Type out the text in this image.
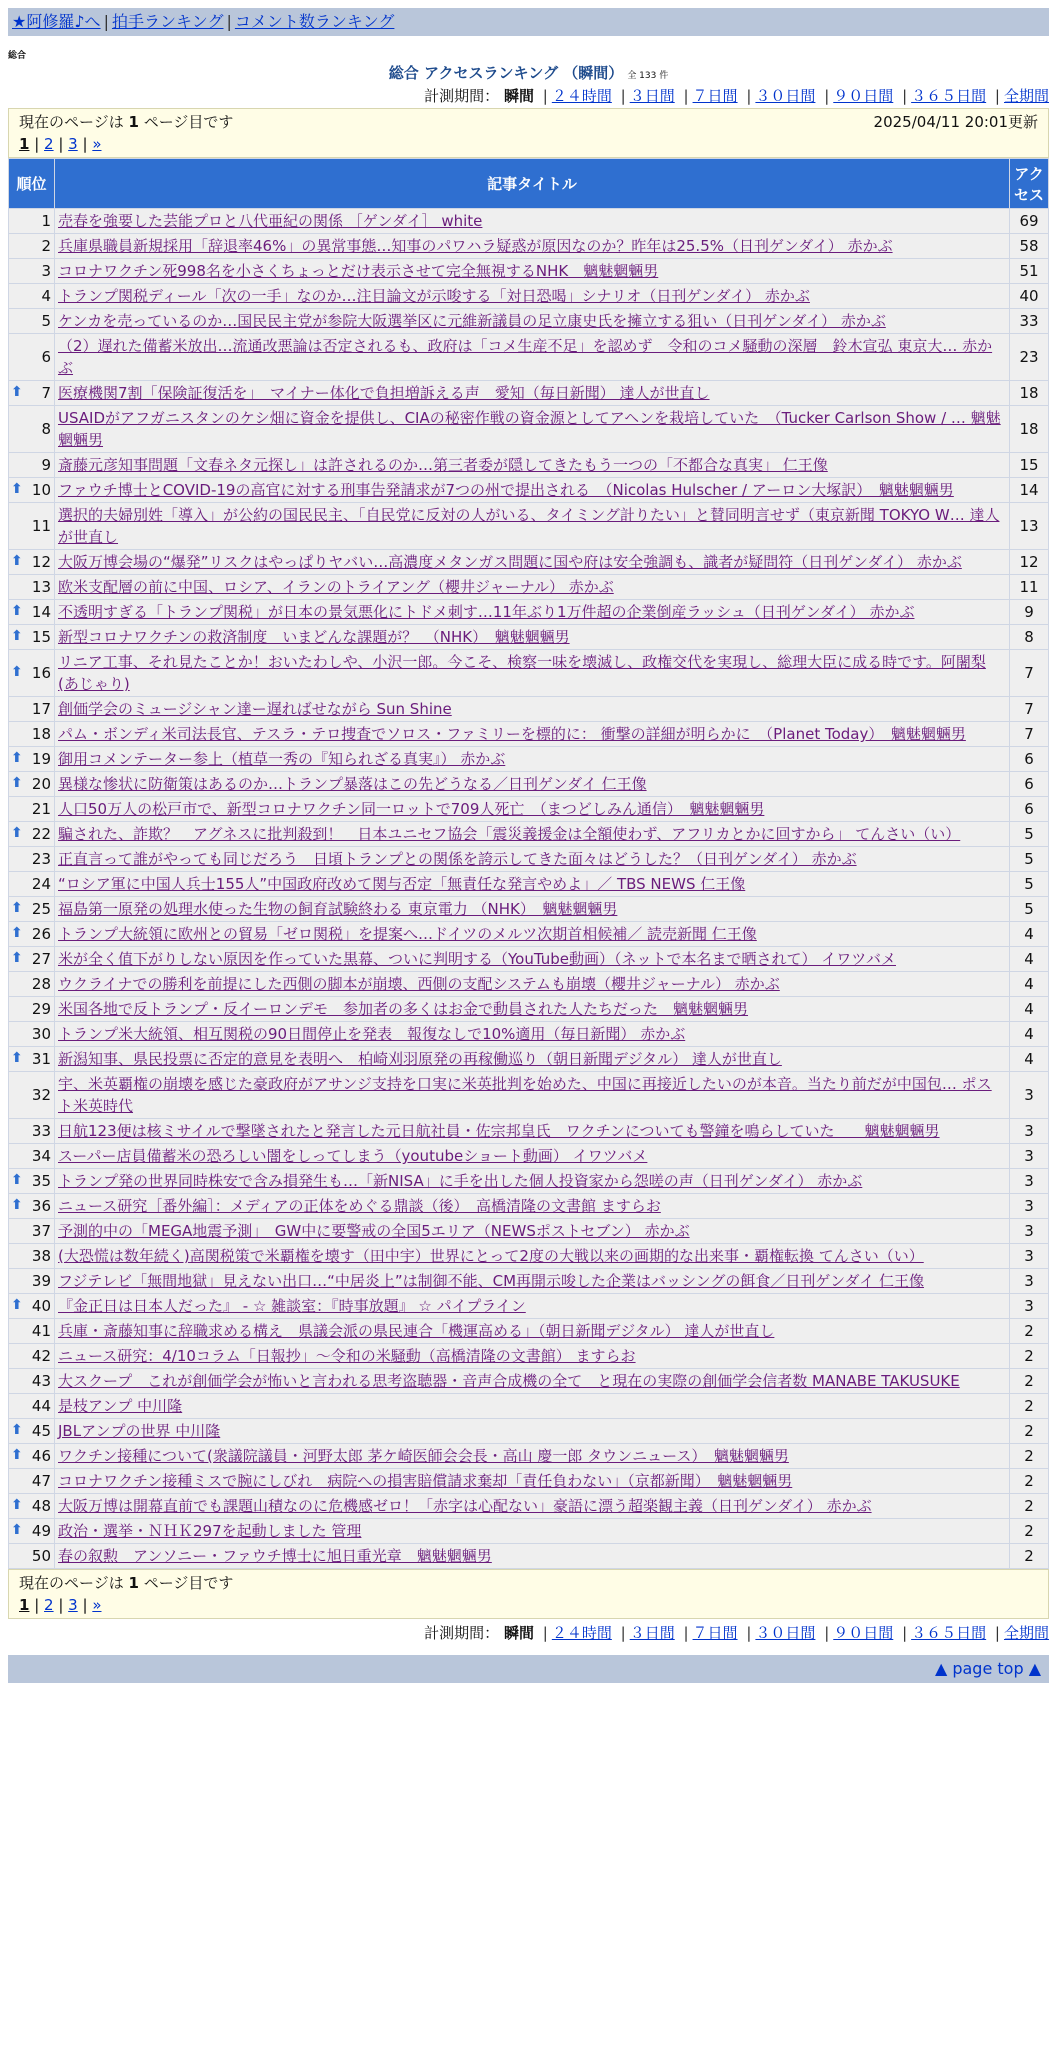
★阿修羅♪へ | 拍手ランキング | コメント数ランキング
総合
総合 アクセスランキング （瞬間） 全 133 件
計測期間： 瞬間 | ２４時間 | ３日間 | ７日間 | ３０日間 | ９０日間 | ３６５日間 | 全期間
現在のページは 1 ページ目です	2025/04/11 20:01更新
1 | 2 | 3 | »
順位	記事タイトル	アクセス
1	売春を強要した芸能プロと八代亜紀の関係 ［ゲンダイ］ white	69
2	兵庫県職員新規採用「辞退率46%」の異常事態…知事のパワハラ疑惑が原因なのか？昨年は25.5%（日刊ゲンダイ） 赤かぶ	58
3	コロナワクチン死998名を小さくちょっとだけ表示させて完全無視するNHK　魑魅魍魎男	51
4	トランプ関税ディール「次の一手」なのか…注目論文が示唆する「対日恐喝」シナリオ（日刊ゲンダイ） 赤かぶ	40
5	ケンカを売っているのか…国民民主党が参院大阪選挙区に元維新議員の足立康史氏を擁立する狙い（日刊ゲンダイ） 赤かぶ	33
6	（2）遅れた備蓄米放出…流通改悪論は否定されるも、政府は「コメ生産不足」を認めず　令和のコメ騒動の深層　鈴木宣弘 東京大… 赤かぶ	23

⬆ 7	医療機関7割「保険証復活を」　マイナー体化で負担増訴える声　愛知（毎日新聞） 達人が世直し	18
8	USAIDがアフガニスタンのケシ畑に資金を提供し、CIAの秘密作戦の資金源としてアヘンを栽培していた　（Tucker Carlson Show / … 魑魅魍魎男	18
9	斎藤元彦知事問題「文春ネタ元探し」は許されるのか…第三者委が隠してきたもう一つの「不都合な真実」 仁王像	15

⬆ 10	ファウチ博士とCOVID-19の高官に対する刑事告発請求が7つの州で提出される　（Nicolas Hulscher / アーロン大塚訳）　魑魅魍魎男	14
11	選択的夫婦別姓「導入」が公約の国民民主、「自民党に反対の人がいる、タイミング計りたい」と賛同明言せず（東京新聞 TOKYO W… 達人が世直し	13

⬆ 12	大阪万博会場の“爆発”リスクはやっぱりヤバい…高濃度メタンガス問題に国や府は安全強調も、識者が疑問符（日刊ゲンダイ） 赤かぶ	12
13	欧米支配層の前に中国、ロシア、イランのトライアング（櫻井ジャーナル） 赤かぶ	11

⬆ 14	不透明すぎる「トランプ関税」が日本の景気悪化にトドメ刺す…11年ぶり1万件超の企業倒産ラッシュ（日刊ゲンダイ） 赤かぶ	9

⬆ 15	新型コロナワクチンの救済制度　いまどんな課題が？　（NHK）　魑魅魍魎男	8

⬆ 16	リニア工事、それ見たことか！おいたわしや、小沢一郎。今こそ、検察一味を壊滅し、政権交代を実現し、総理大臣に成る時です。阿闍梨(あじゃり)	7
17	創価学会のミュージシャン達ー遅ればせながら Sun Shine	7
18	パム・ボンディ米司法長官、テスラ・テロ捜査でソロス・ファミリーを標的に： 衝撃の詳細が明らかに　（Planet Today）　魑魅魍魎男	7

⬆ 19	御用コメンテーター参上（植草一秀の『知られざる真実』） 赤かぶ	6

⬆ 20	異様な惨状に防衛策はあるのか…トランプ暴落はこの先どうなる／日刊ゲンダイ 仁王像	6
21	人口50万人の松戸市で、新型コロナワクチン同一ロットで709人死亡　（まつどしみん通信）　魑魅魍魎男	6

⬆ 22	騙された、詐欺？　アグネスに批判殺到！　日本ユニセフ協会「震災義援金は全額使わず、アフリカとかに回すから」 てんさい（い）	5
23	正直言って誰がやっても同じだろう　日頃トランプとの関係を誇示してきた面々はどうした？（日刊ゲンダイ） 赤かぶ	5
24	“ロシア軍に中国人兵士155人”中国政府改めて関与否定「無責任な発言やめよ」／ TBS NEWS 仁王像	5

⬆ 25	福島第一原発の処理水使った生物の飼育試験終わる 東京電力 （NHK）　魑魅魍魎男	5

⬆ 26	トランプ大統領に欧州との貿易「ゼロ関税」を提案へ…ドイツのメルツ次期首相候補／ 読売新聞 仁王像	4

⬆ 27	米が全く值下がりしない原因を作っていた黒幕、ついに判明する（YouTube動画）（ネットで本名まで晒されて） イワツバメ	4
28	ウクライナでの勝利を前提にした西側の脚本が崩壊、西側の支配システムも崩壊（櫻井ジャーナル） 赤かぶ	4
29	米国各地で反トランプ・反イーロンデモ　参加者の多くはお金で動員された人たちだった　魑魅魍魎男	4
30	トランプ米大統領、相互関税の90日間停止を発表　報復なしで10%適用（毎日新聞） 赤かぶ	4

⬆ 31	新潟知事、県民投票に否定的意見を表明へ　柏崎刈羽原発の再稼働巡り（朝日新聞デジタル） 達人が世直し	4
32	宇、米英覇権の崩壊を感じた豪政府がアサンジ支持を口実に米英批判を始めた、中国に再接近したいのが本音。当たり前だが中国包… ポスト米英時代	3
33	日航123便は核ミサイルで撃墜されたと発言した元日航社員・佐宗邦皇氏　ワクチンについても警鐘を鳴らしていた　　魑魅魍魎男	3
34	スーパー店員備蓄米の恐ろしい闇をしってしまう（youtubeショート動画） イワツバメ	3

⬆ 35	トランプ発の世界同時株安で含み損発生も…「新NISA」に手を出した個人投資家から怨嗟の声（日刊ゲンダイ） 赤かぶ	3

⬆ 36	ニュース研究［番外編］：メディアの正体をめぐる鼎談（後）　高橋清隆の文書館 ますらお	3
37	予測的中の「MEGA地震予測」　GW中に要警戒の全国5エリア（NEWSポストセブン） 赤かぶ	3
38	(大恐慌は数年続く)高関税策で米覇権を壊す（田中宇）世界にとって2度の大戦以来の画期的な出来事・覇権転換 てんさい（い）	3
39	フジテレビ「無間地獄」見えない出口…“中居炎上”は制御不能、CM再開示唆した企業はバッシングの餌食／日刊ゲンダイ 仁王像	3

⬆ 40	『金正日は日本人だった』 - ☆ 雑談室：『時事放題』 ☆ パイプライン	3
41	兵庫・斎藤知事に辞職求める構え　県議会派の県民連合「機運高める」（朝日新聞デジタル） 達人が世直し	2
42	ニュース研究：4/10コラム「日報抄」～令和の米騒動（高橋清隆の文書館） ますらお	2
43	大スクープ　これが創価学会が怖いと言われる思考盗聴器・音声合成機の全て　と現在の実際の創価学会信者数 MANABE TAKUSUKE	2
44	是枝アンプ 中川隆	2

⬆ 45	JBLアンプの世界 中川隆	2

⬆ 46	ワクチン接種について(衆議院議員・河野太郎 茅ケ崎医師会会長・高山 慶一郎 タウンニュース）　魑魅魍魎男	2
47	コロナワクチン接種ミスで腕にしびれ　病院への損害賠償請求棄却「責任負わない」（京都新聞）　魑魅魍魎男	2

⬆ 48	大阪万博は開幕直前でも課題山積なのに危機感ゼロ！「赤字は心配ない」豪語に漂う超楽観主義（日刊ゲンダイ） 赤かぶ	2

⬆ 49	政治・選挙・ＮＨＫ297を起動しました 管理	2
50	春の叙勲　アンソニー・ファウチ博士に旭日重光章　魑魅魍魎男	2
現在のページは 1 ページ目です
1 | 2 | 3 | »
計測期間： 瞬間 | ２４時間 | ３日間 | ７日間 | ３０日間 | ９０日間 | ３６５日間 | 全期間
▲ page top ▲
